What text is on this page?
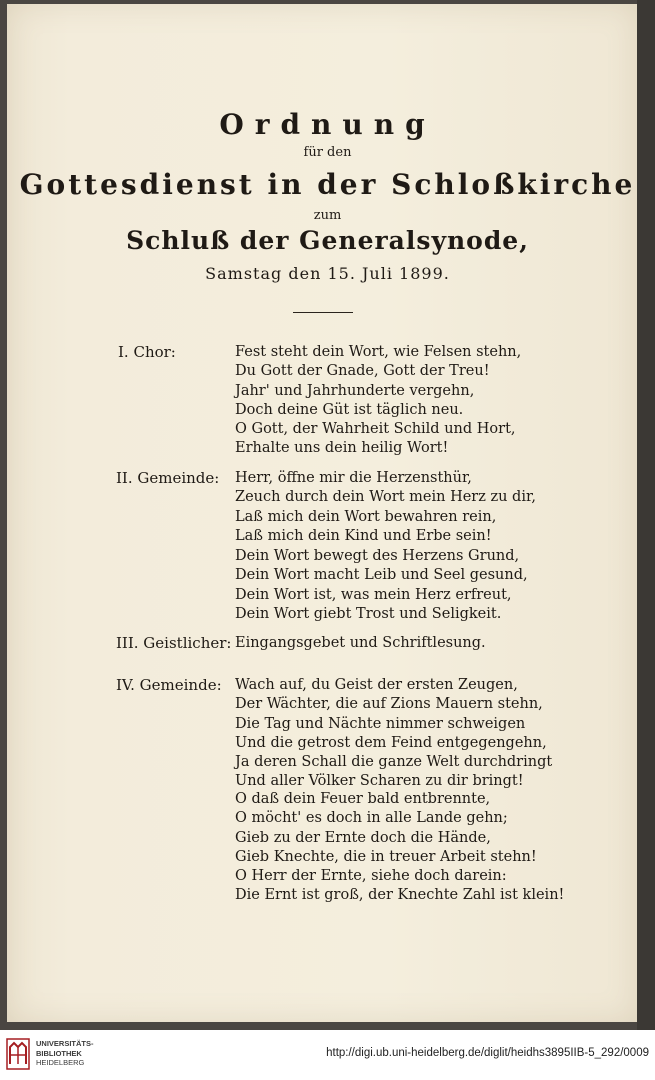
Ordnung
für den
Gottesdienst in der Schloßkirche
zum
Schluß der Generalsynode,
Samstag den 15. Juli 1899.
I. Chor:	Fest steht dein Wort, wie Felsen stehn,
Du Gott der Gnade, Gott der Treu!
Jahr' und Jahrhunderte vergehn,
Doch deine Güt ist täglich neu.
O Gott, der Wahrheit Schild und Hort,
Erhalte uns dein heilig Wort!
II. Gemeinde: Herr, öffne mir die Herzensthür,
Zeuch durch dein Wort mein Herz zu dir,
Laß mich dein Wort bewahren rein,
Laß mich dein Kind und Erbe sein!
Dein Wort bewegt des Herzens Grund,
Dein Wort macht Leib und Seel gesund,
Dein Wort ist, was mein Herz erfreut,
Dein Wort giebt Trost und Seligkeit.
III. Geistlicher: Eingangsgebet und Schriftlesung.
IV. Gemeinde: Wach auf, du Geist der ersten Zeugen,
Der Wächter, die auf Zions Mauern stehn,
Die Tag und Nächte nimmer schweigen
Und die getrost dem Feind entgegengehn,
Ja deren Schall die ganze Welt durchdringt
Und aller Völker Scharen zu dir bringt!
O daß dein Feuer bald entbrennte,
O möcht' es doch in alle Lande gehn;
Gieb zu der Ernte doch die Hände,
Gieb Knechte, die in treuer Arbeit stehn!
O Herr der Ernte, siehe doch darein:
Die Ernt ist groß, der Knechte Zahl ist klein!
UNIVERSITÄTS-
BIBLIOTHEK
HEIDELBERG
http://digi.ub.uni-heidelberg.de/diglit/heidhs3895IIB-5_292/0009
